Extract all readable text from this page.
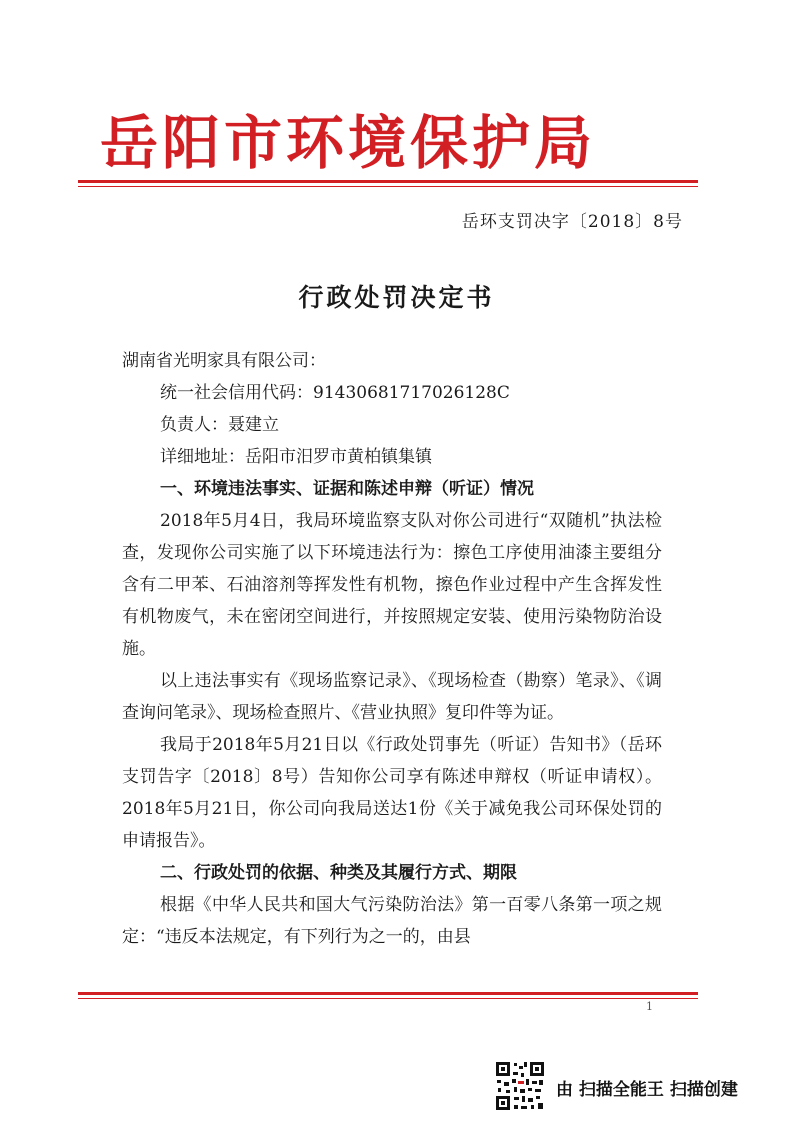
岳阳市环境保护局
岳环支罚决字〔2018〕8号
行政处罚决定书
湖南省光明家具有限公司：
统一社会信用代码：91430681717026128C
负责人：聂建立
详细地址：岳阳市汨罗市黄柏镇集镇
一、环境违法事实、证据和陈述申辩（听证）情况

2018年5月4日，我局环境监察支队对你公司进行“双随机”执法检查，发现你公司实施了以下环境违法行为：擦色工序使用油漆主要组分含有二甲苯、石油溶剂等挥发性有机物，擦色作业过程中产生含挥发性有机物废气，未在密闭空间进行，并按照规定安装、使用污染物防治设施。

以上违法事实有《现场监察记录》、《现场检查（勘察）笔录》、《调查询问笔录》、现场检查照片、《营业执照》复印件等为证。

我局于2018年5月21日以《行政处罚事先（听证）告知书》（岳环支罚告字〔2018〕8号）告知你公司享有陈述申辩权（听证申请权）。2018年5月21日，你公司向我局送达1份《关于减免我公司环保处罚的申请报告》。

二、行政处罚的依据、种类及其履行方式、期限

根据《中华人民共和国大气污染防治法》第一百零八条第一项之规定：“违反本法规定，有下列行为之一的，由县

1
由 扫描全能王 扫描创建
